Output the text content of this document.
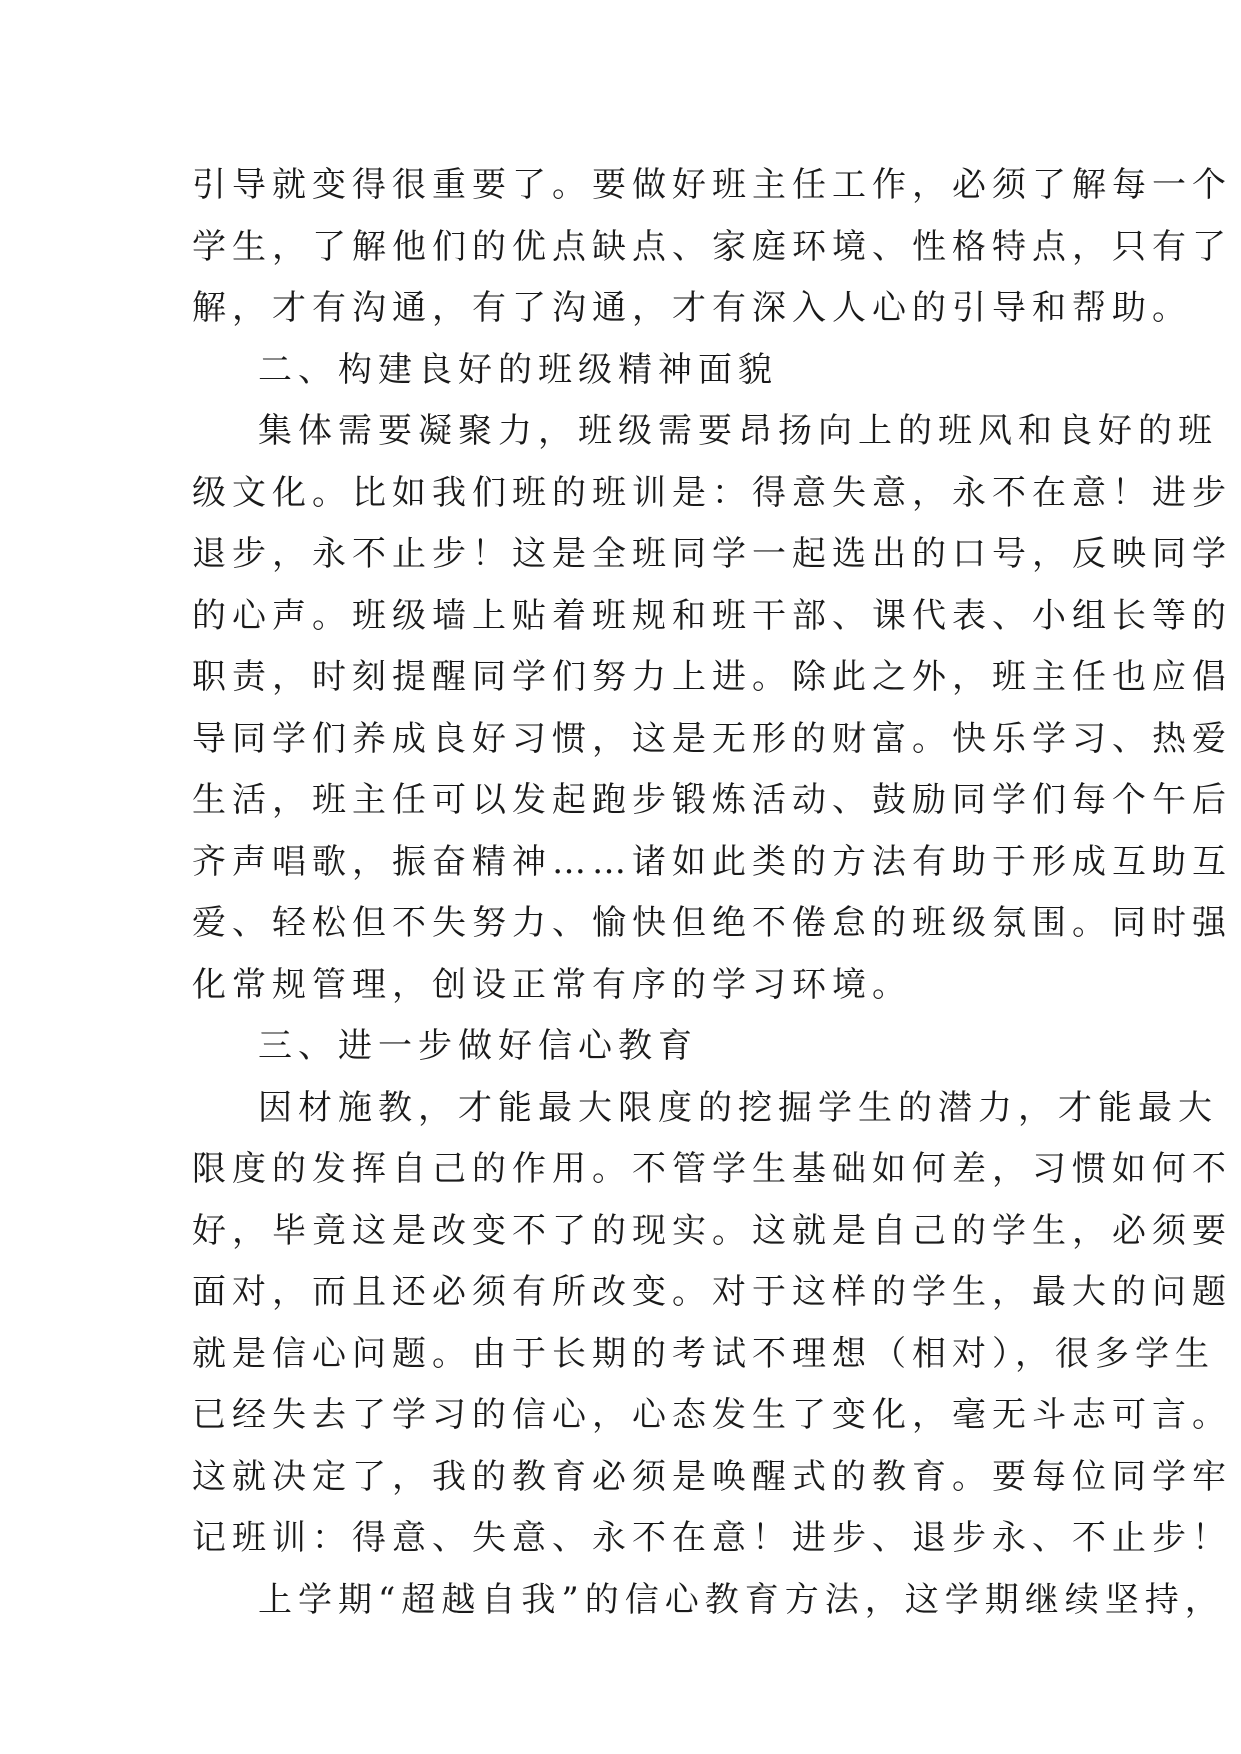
引导就变得很重要了。要做好班主任工作，必须了解每一个
学生，了解他们的优点缺点、家庭环境、性格特点，只有了
解，才有沟通，有了沟通，才有深入人心的引导和帮助。
二、构建良好的班级精神面貌
集体需要凝聚力，班级需要昂扬向上的班风和良好的班
级文化。比如我们班的班训是：得意失意，永不在意！进步
退步，永不止步！这是全班同学一起选出的口号，反映同学
的心声。班级墙上贴着班规和班干部、课代表、小组长等的
职责，时刻提醒同学们努力上进。除此之外，班主任也应倡
导同学们养成良好习惯，这是无形的财富。快乐学习、热爱
生活，班主任可以发起跑步锻炼活动、鼓励同学们每个午后
齐声唱歌，振奋精神……诸如此类的方法有助于形成互助互
爱、轻松但不失努力、愉快但绝不倦怠的班级氛围。同时强
化常规管理，创设正常有序的学习环境。
三、进一步做好信心教育
因材施教，才能最大限度的挖掘学生的潜力，才能最大
限度的发挥自己的作用。不管学生基础如何差，习惯如何不
好，毕竟这是改变不了的现实。这就是自己的学生，必须要
面对，而且还必须有所改变。对于这样的学生，最大的问题
就是信心问题。由于长期的考试不理想（相对），很多学生
已经失去了学习的信心，心态发生了变化，毫无斗志可言。
这就决定了，我的教育必须是唤醒式的教育。要每位同学牢
记班训：得意、失意、永不在意！进步、退步永、不止步！
上学期“超越自我”的信心教育方法，这学期继续坚持，
